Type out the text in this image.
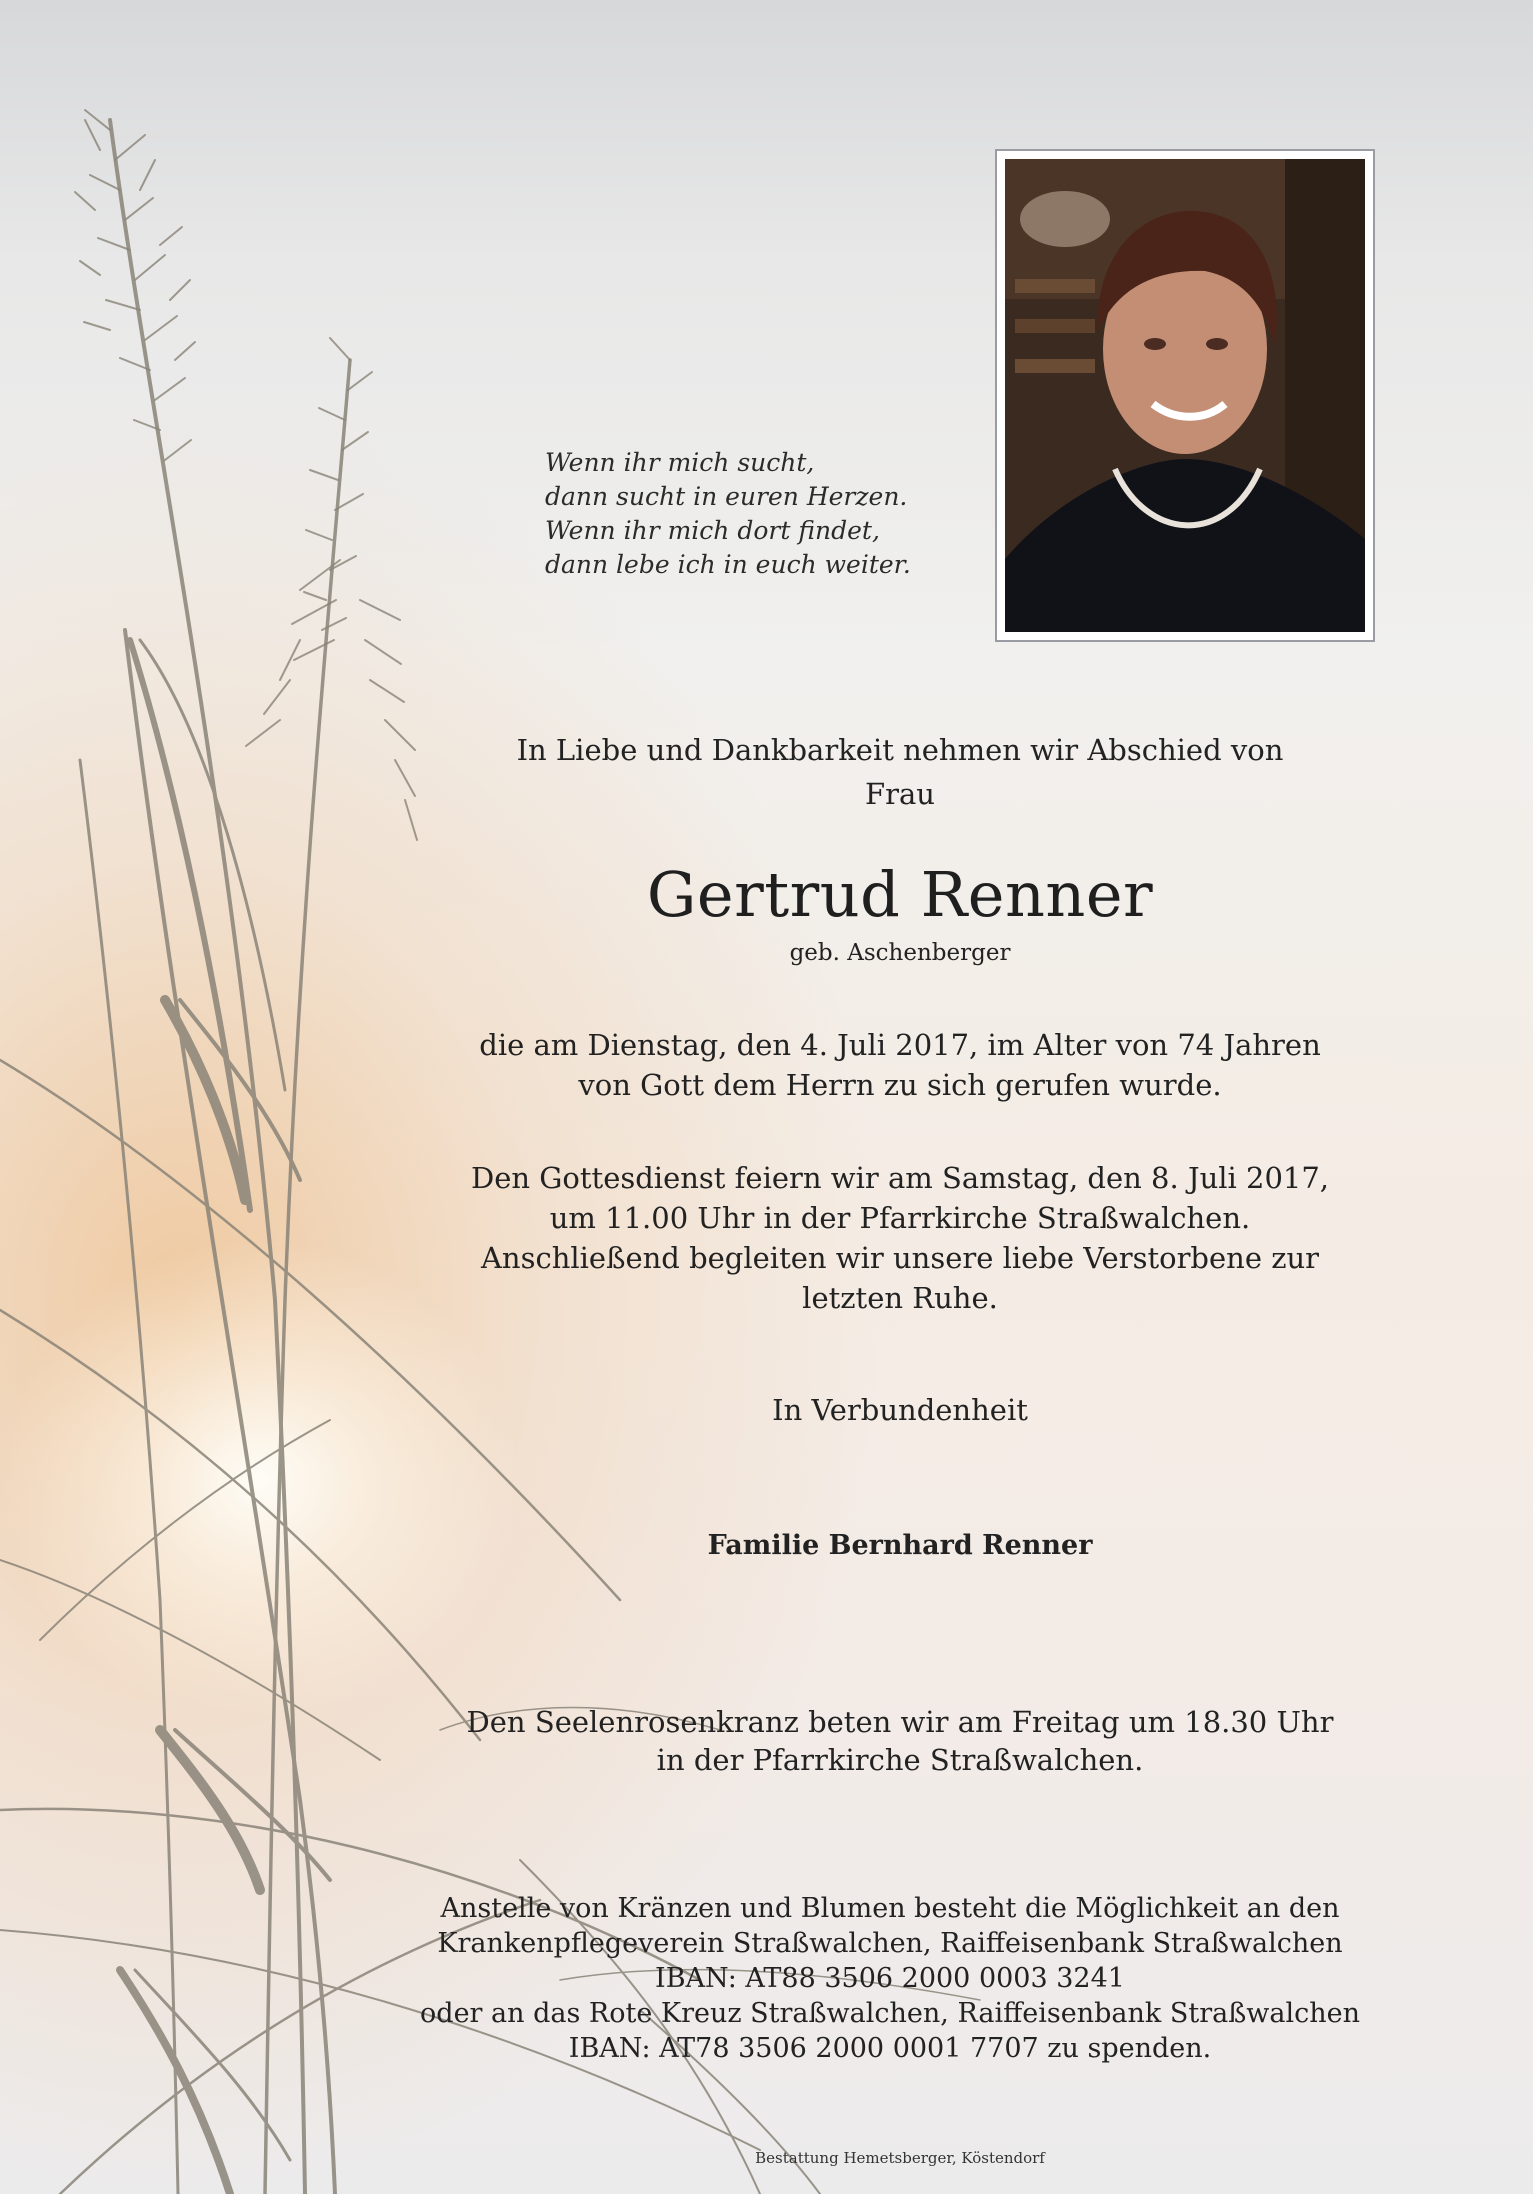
Wenn ihr mich sucht,
dann sucht in euren Herzen.
Wenn ihr mich dort findet,
dann lebe ich in euch weiter.
In Liebe und Dankbarkeit nehmen wir Abschied von
Frau
Gertrud Renner
geb. Aschenberger
die am Dienstag, den 4. Juli 2017, im Alter von 74 Jahren
von Gott dem Herrn zu sich gerufen wurde.
Den Gottesdienst feiern wir am Samstag, den 8. Juli 2017,
um 11.00 Uhr in der Pfarrkirche Straßwalchen.
Anschließend begleiten wir unsere liebe Verstorbene zur
letzten Ruhe.
In Verbundenheit
Familie Bernhard Renner
Den Seelenrosenkranz beten wir am Freitag um 18.30 Uhr
in der Pfarrkirche Straßwalchen.
Anstelle von Kränzen und Blumen besteht die Möglichkeit an den
Krankenpflegeverein Straßwalchen, Raiffeisenbank Straßwalchen
IBAN: AT88 3506 2000 0003 3241
oder an das Rote Kreuz Straßwalchen, Raiffeisenbank Straßwalchen
IBAN: AT78 3506 2000 0001 7707 zu spenden.
Bestattung Hemetsberger, Köstendorf
